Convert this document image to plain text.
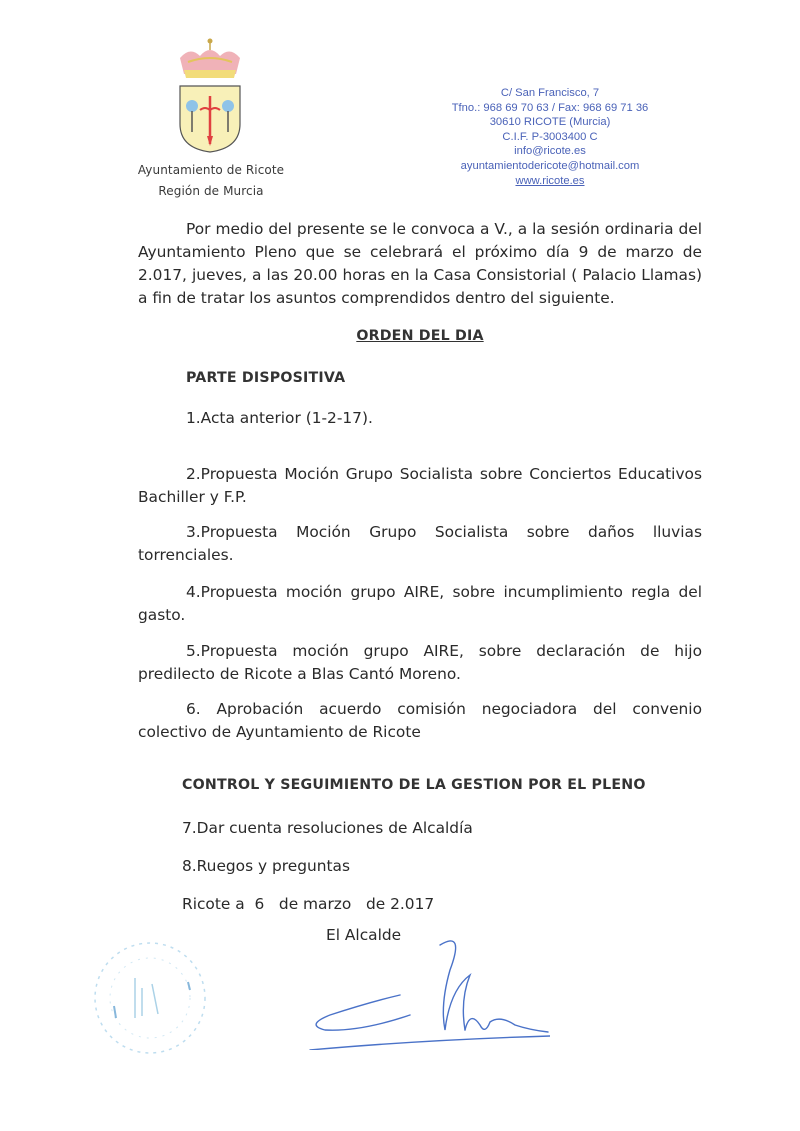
Ayuntamiento de Ricote
Región de Murcia
C/ San Francisco, 7
Tfno.: 968 69 70 63 / Fax: 968 69 71 36
30610 RICOTE (Murcia)
C.I.F. P-3003400 C
info@ricote.es
ayuntamientodericote@hotmail.com
www.ricote.es
Por medio del presente se le convoca a V., a la sesión ordinaria del Ayuntamiento Pleno que se celebrará el próximo día 9 de marzo de 2.017, jueves, a las 20.00 horas en la Casa Consistorial ( Palacio Llamas) a fin de tratar los asuntos comprendidos dentro del siguiente.
ORDEN DEL DIA
PARTE DISPOSITIVA
1.Acta anterior (1-2-17).
2.Propuesta Moción Grupo Socialista sobre Conciertos Educativos Bachiller y F.P.
3.Propuesta Moción Grupo Socialista sobre daños lluvias torrenciales.
4.Propuesta moción grupo AIRE, sobre incumplimiento regla del gasto.
5.Propuesta moción grupo AIRE, sobre declaración de hijo predilecto de Ricote a Blas Cantó Moreno.
6. Aprobación acuerdo comisión negociadora del convenio colectivo de Ayuntamiento de Ricote
CONTROL Y SEGUIMIENTO DE LA GESTION POR EL PLENO
7.Dar cuenta resoluciones de Alcaldía
8.Ruegos y preguntas
Ricote a  6   de marzo   de 2.017
El Alcalde
